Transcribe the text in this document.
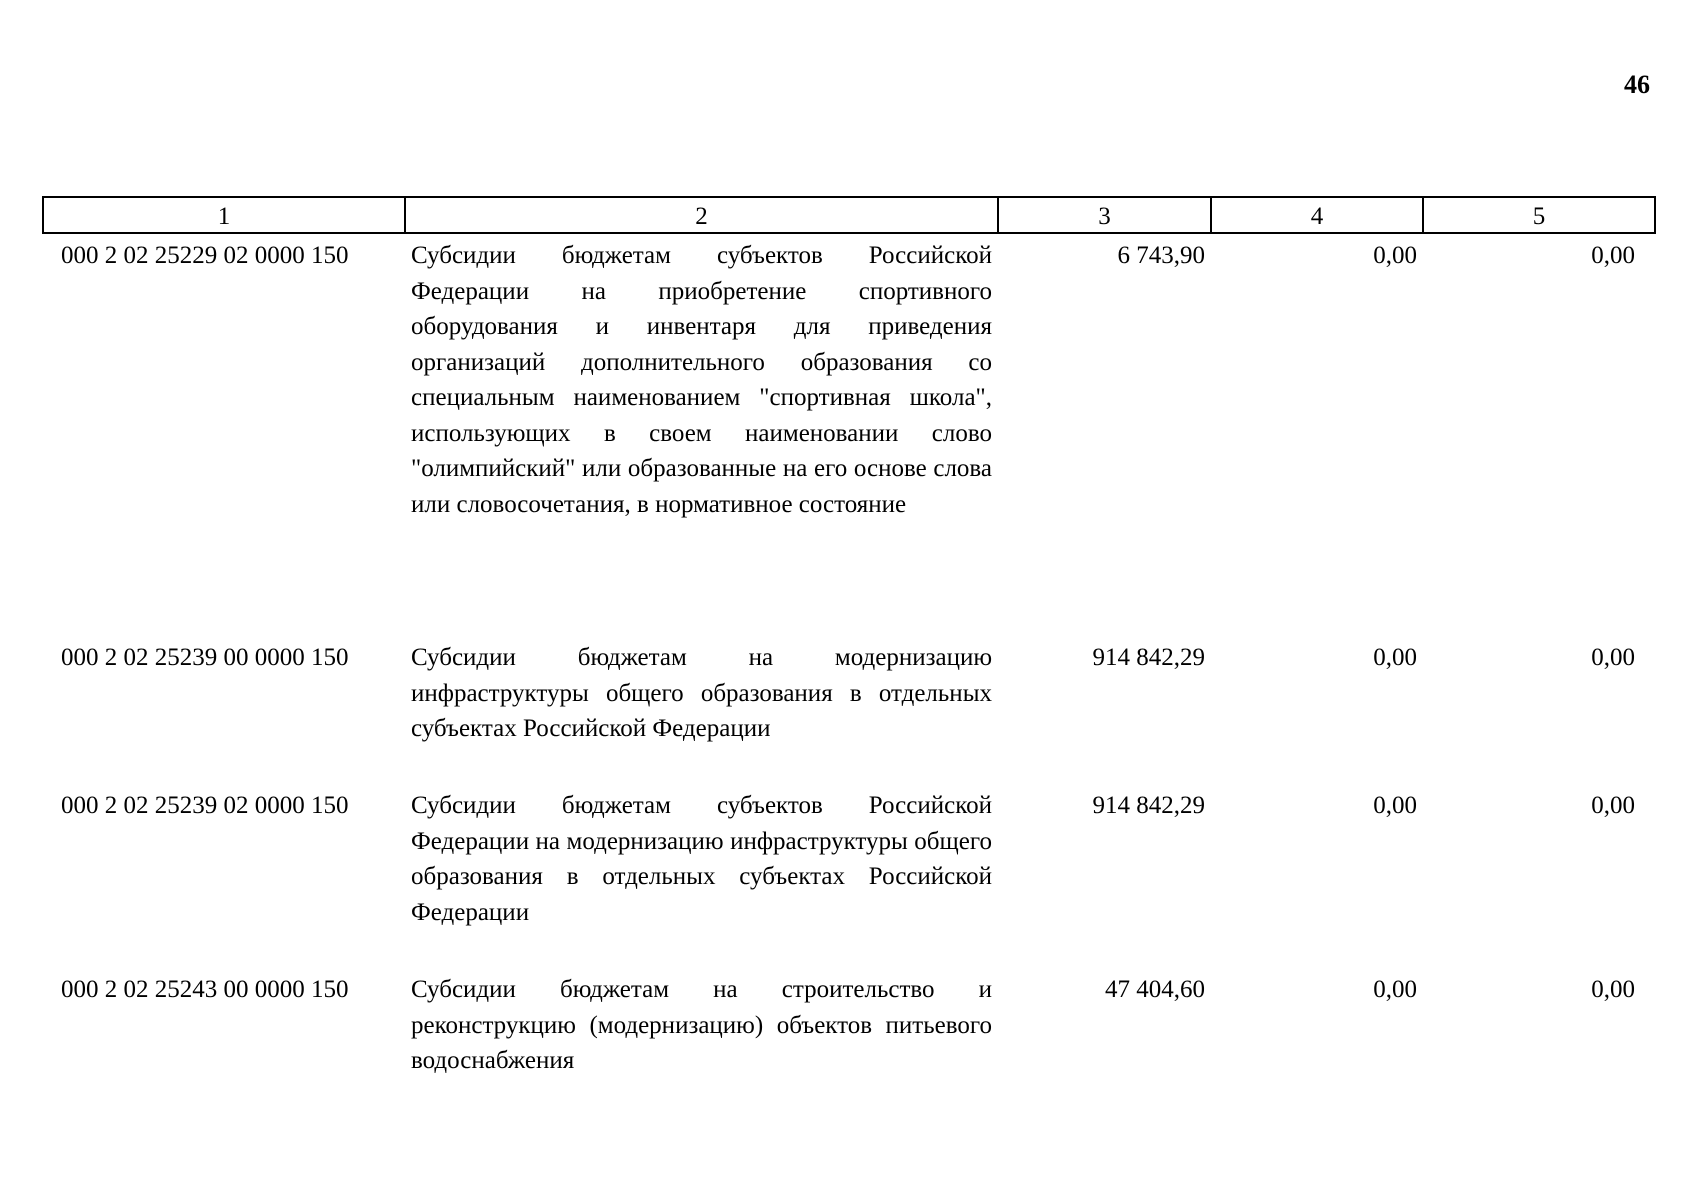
46
1	2	3	4	5
000 2 02 25229 02 0000 150	Субсидии бюджетам субъектов Российской Федерации на приобретение спортивного оборудования и инвентаря для приведения организаций дополнительного образования со специальным наименованием "спортивная школа", использующих в своем наименовании слово "олимпийский" или образованные на его основе слова или словосочетания, в нормативное состояние	6 743,90	0,00	0,00
000 2 02 25239 00 0000 150	Субсидии бюджетам на модернизацию инфраструктуры общего образования в отдельных субъектах Российской Федерации	914 842,29	0,00	0,00
000 2 02 25239 02 0000 150	Субсидии бюджетам субъектов Российской Федерации на модернизацию инфраструктуры общего образования в отдельных субъектах Российской Федерации	914 842,29	0,00	0,00
000 2 02 25243 00 0000 150	Субсидии бюджетам на строительство и реконструкцию (модернизацию) объектов питьевого водоснабжения	47 404,60	0,00	0,00
